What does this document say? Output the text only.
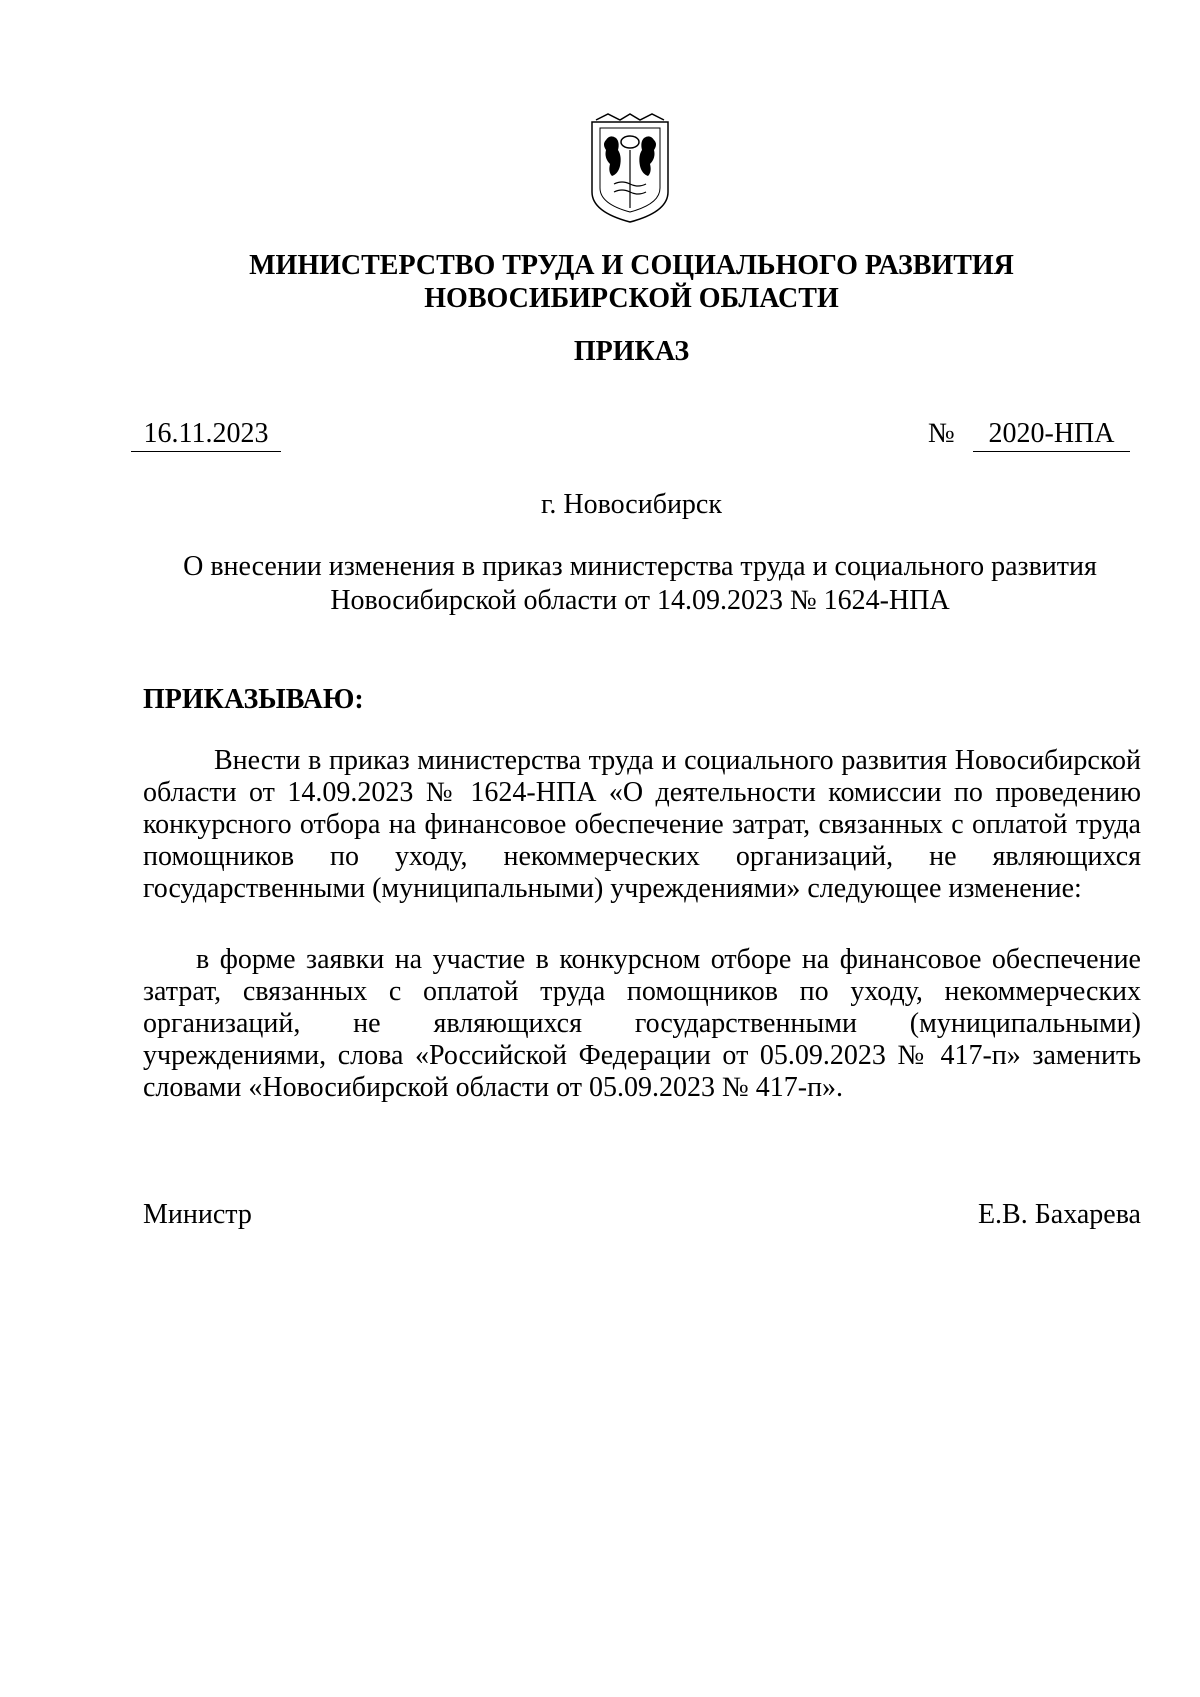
МИНИСТЕРСТВО ТРУДА И СОЦИАЛЬНОГО РАЗВИТИЯ
НОВОСИБИРСКОЙ ОБЛАСТИ
ПРИКАЗ
16.11.2023	№	2020-НПА
г. Новосибирск
О внесении изменения в приказ министерства труда и социального развития Новосибирской области от 14.09.2023 № 1624-НПА
ПРИКАЗЫВАЮ:

Внести в приказ министерства труда и социального развития Новосибирской области от 14.09.2023 № 1624-НПА «О деятельности комиссии по проведению конкурсного отбора на финансовое обеспечение затрат, связанных с оплатой труда помощников по уходу, некоммерческих организаций, не являющихся государственными (муниципальными) учреждениями» следующее изменение:

в форме заявки на участие в конкурсном отборе на финансовое обеспечение затрат, связанных с оплатой труда помощников по уходу, некоммерческих организаций, не являющихся государственными (муниципальными) учреждениями, слова «Российской Федерации от 05.09.2023 № 417-п» заменить словами «Новосибирской области от 05.09.2023 № 417-п».

Министр	Е.В. Бахарева
